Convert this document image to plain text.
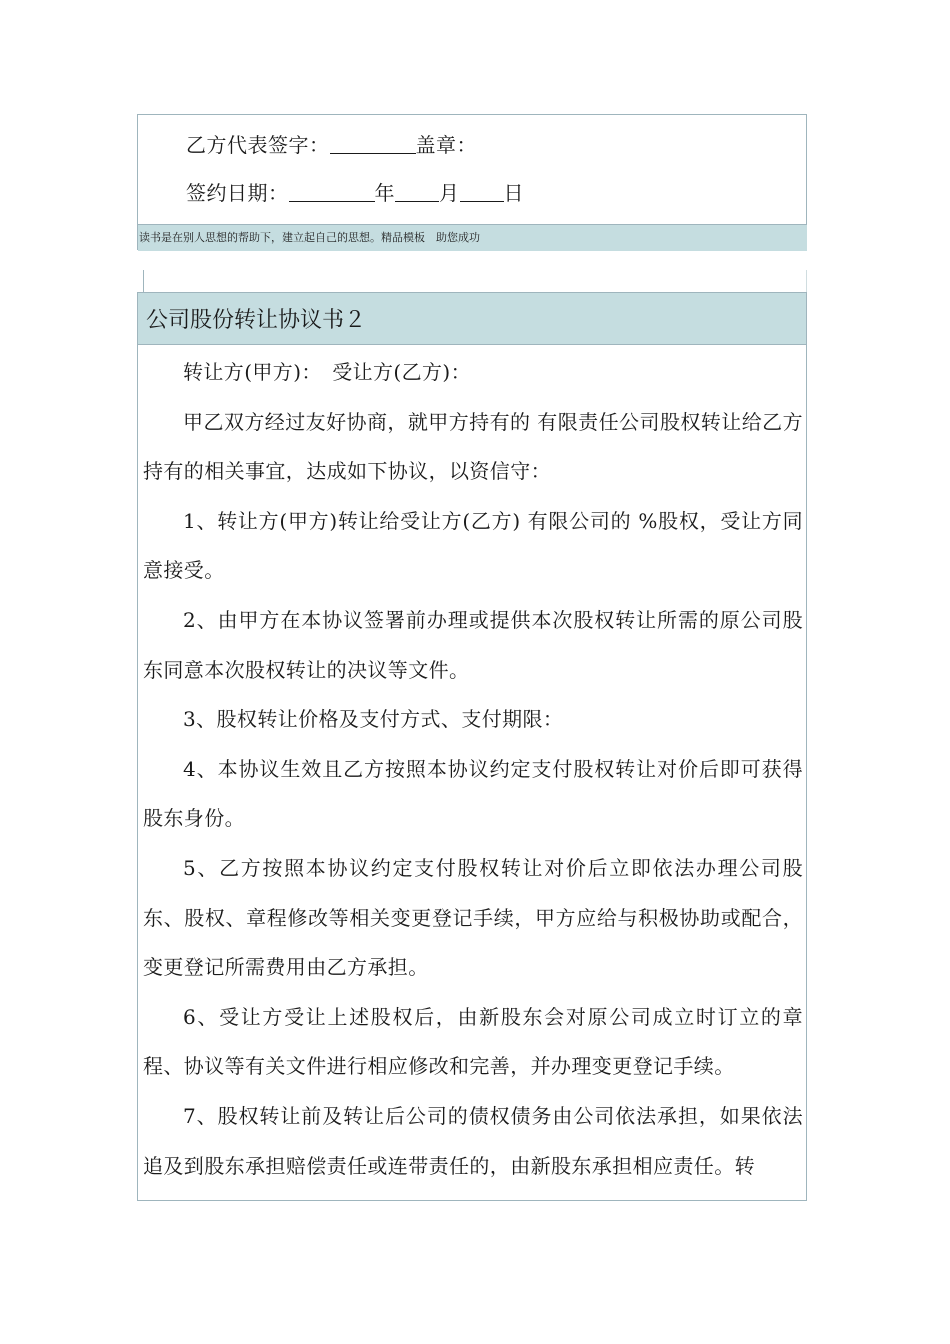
乙方代表签字：	盖章：
签约日期：	年 月 日
读书是在别人思想的帮助下，建立起自己的思想。精品模板　助您成功
公司股份转让协议书２

转让方(甲方)：　受让方(乙方)：

甲乙双方经过友好协商，就甲方持有的 有限责任公司股权转让给乙方持有的相关事宜，达成如下协议，以资信守：

1、转让方(甲方)转让给受让方(乙方) 有限公司的 %股权，受让方同意接受。

2、由甲方在本协议签署前办理或提供本次股权转让所需的原公司股东同意本次股权转让的决议等文件。

3、股权转让价格及支付方式、支付期限：

4、本协议生效且乙方按照本协议约定支付股权转让对价后即可获得股东身份。

5、乙方按照本协议约定支付股权转让对价后立即依法办理公司股东、股权、章程修改等相关变更登记手续，甲方应给与积极协助或配合，变更登记所需费用由乙方承担。

6、受让方受让上述股权后，由新股东会对原公司成立时订立的章程、协议等有关文件进行相应修改和完善，并办理变更登记手续。

7、股权转让前及转让后公司的债权债务由公司依法承担，如果依法追及到股东承担赔偿责任或连带责任的，由新股东承担相应责任。转
